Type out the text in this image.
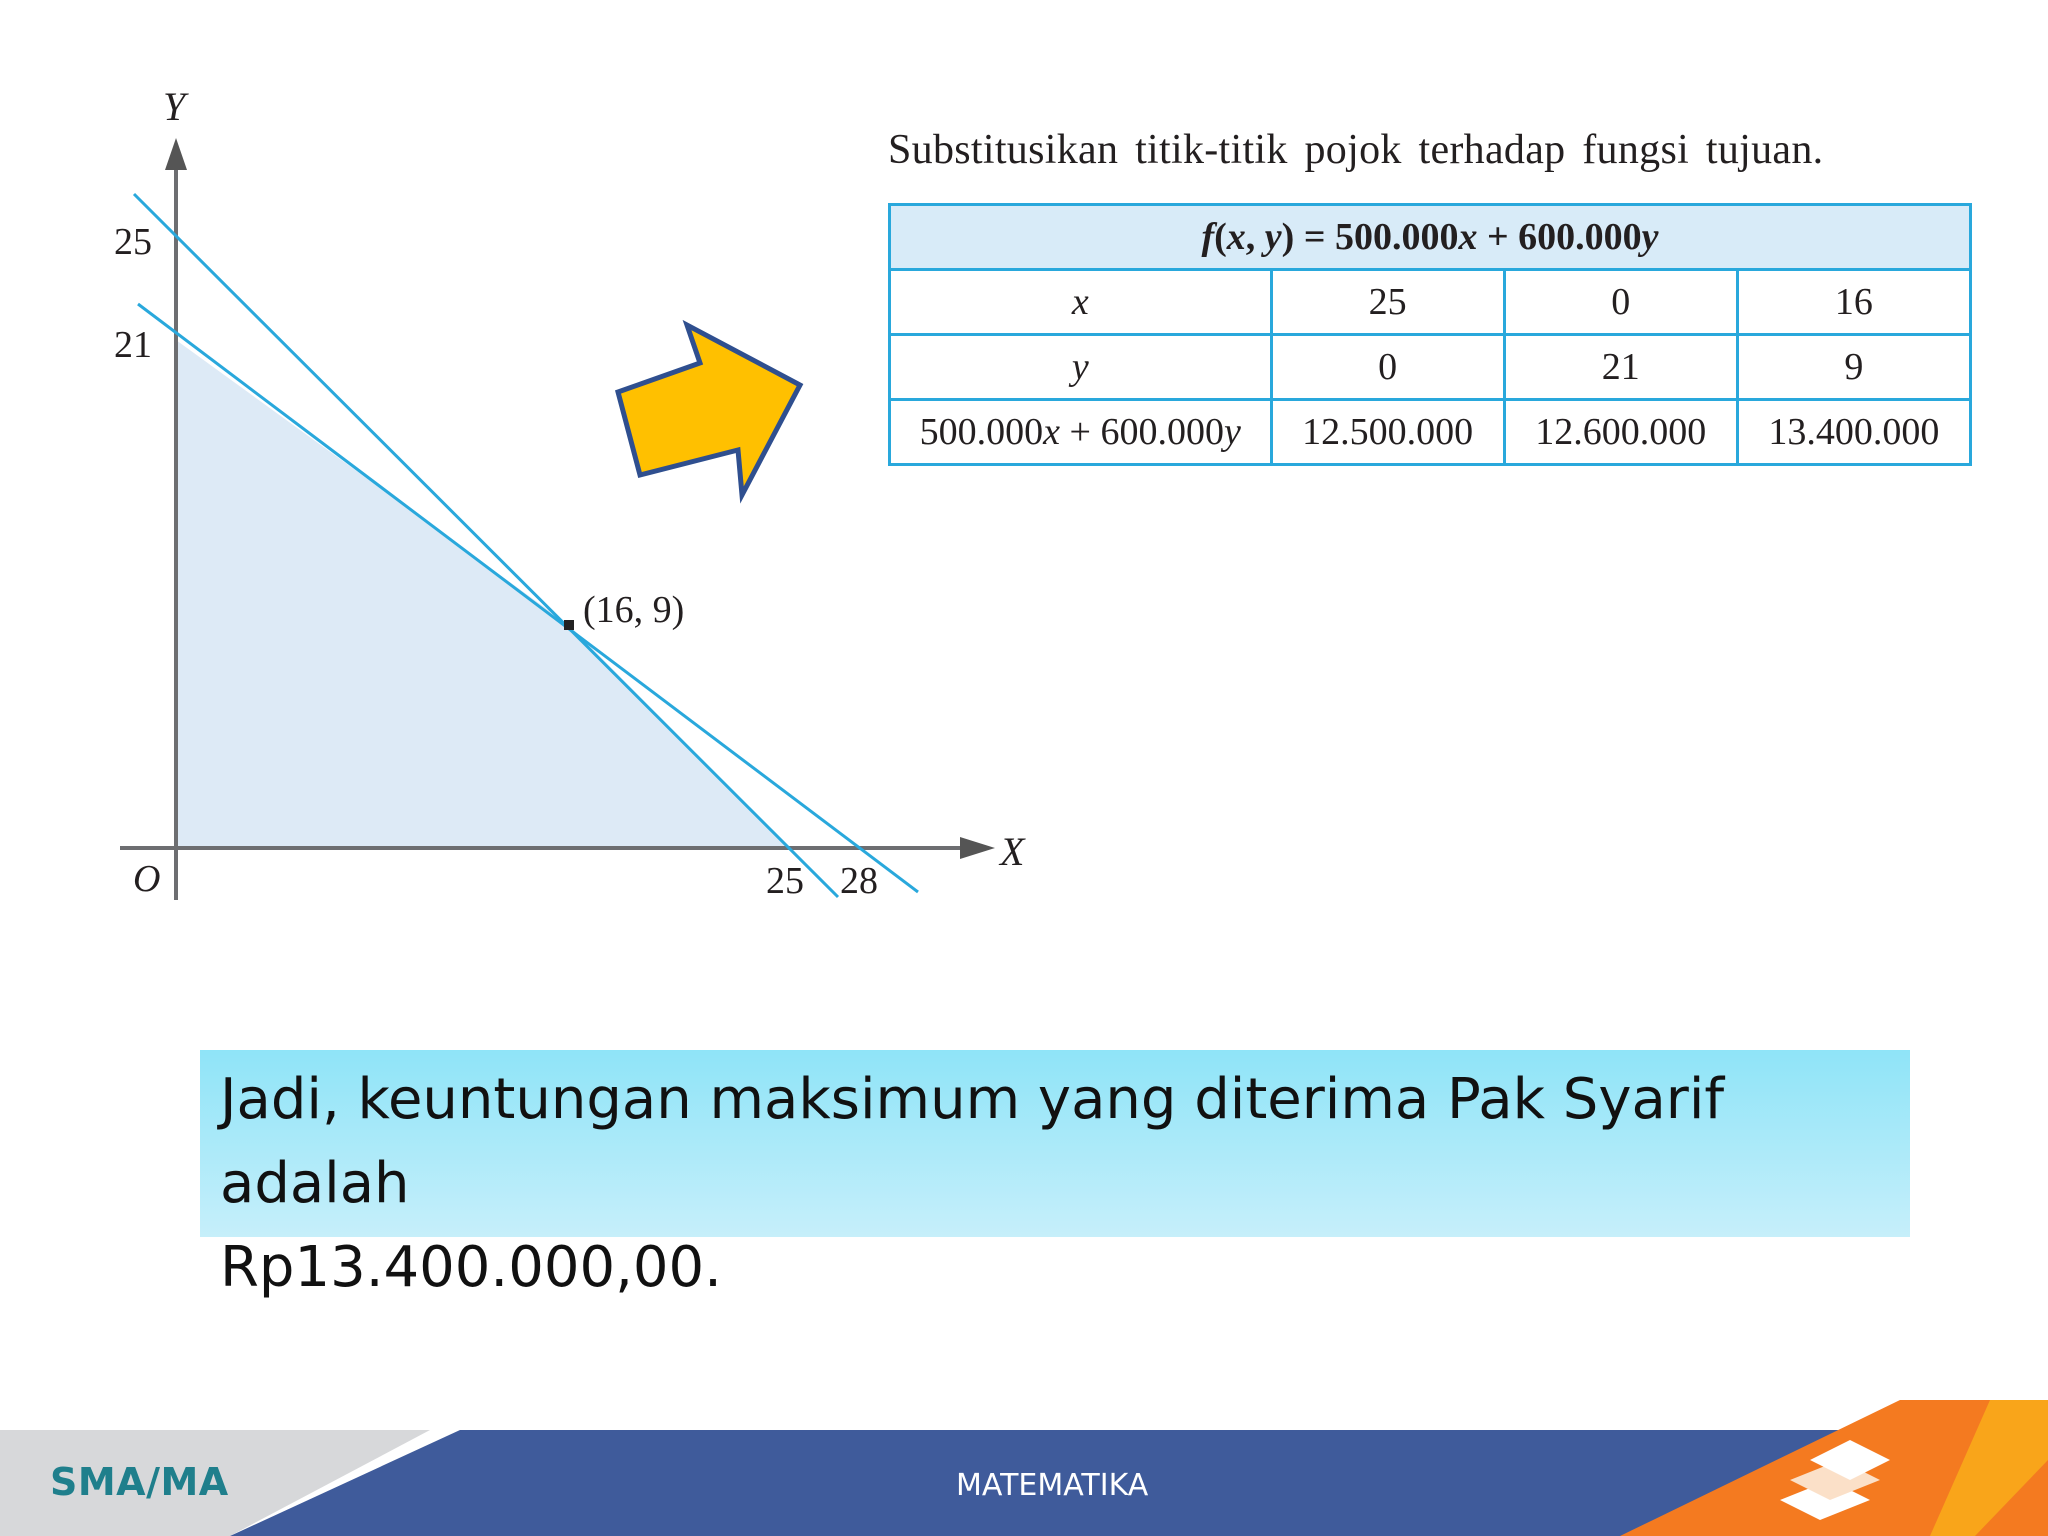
Y
X
O
25
21
25 28
(16, 9)
Substitusikan titik-titik pojok terhadap fungsi tujuan.
f(x, y) = 500.000x + 600.000y			
x	25	0	16
y	0	21	9
500.000x + 600.000y	12.500.000	12.600.000	13.400.000
Jadi, keuntungan maksimum yang diterima Pak Syarif adalah
Rp13.400.000,00.
SMA/MA	MATEMATIKA
